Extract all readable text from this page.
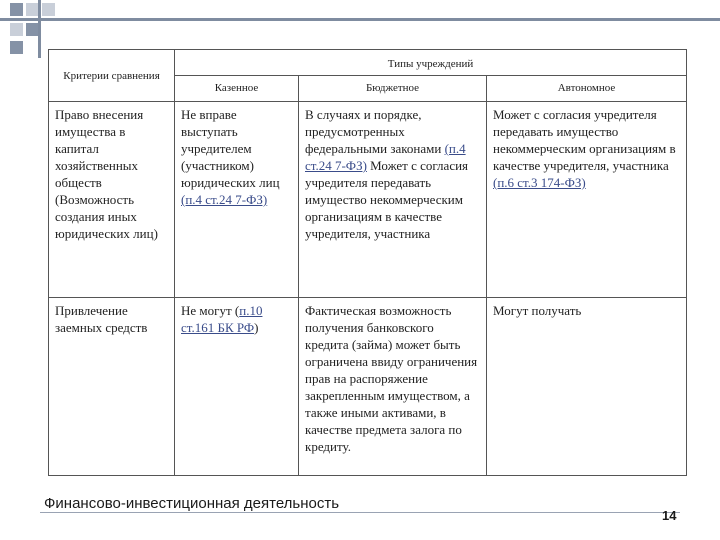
Критерии сравнения	Типы учреждений		
	Казенное	Бюджетное	Автономное
Право внесения имущества в капитал хозяйственных обществ (Возможность создания иных юридических лиц)	Не вправе выступать учредителем (участником) юридических лиц (п.4 ст.24 7-ФЗ)	В случаях и порядке, предусмотренных федеральными законами (п.4 ст.24 7-ФЗ) Может с согласия учредителя передавать имущество некоммерческим организациям в качестве учредителя, участника	Может с согласия учредителя передавать имущество некоммерческим организациям в качестве учредителя, участника (п.6 ст.3 174-ФЗ)
Привлечение заемных средств	Не могут (п.10 ст.161 БК РФ)	Фактическая возможность получения банковского кредита (займа) может быть ограничена ввиду ограничения прав на распоряжение закрепленным имуществом, а также иными активами, в качестве предмета залога по кредиту.	Могут получать
Финансово-инвестиционная деятельность
14
